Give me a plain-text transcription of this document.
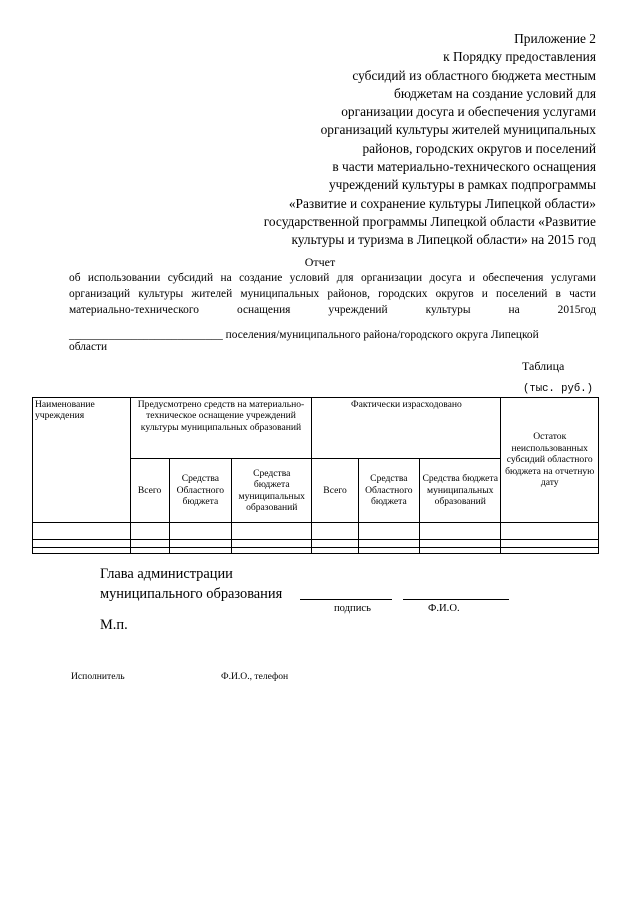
Приложение 2
к Порядку предоставления
субсидий из областного бюджета местным
бюджетам на создание условий для
организации досуга и обеспечения услугами
организаций культуры жителей муниципальных
районов, городских округов и поселений
в части материально-технического оснащения
учреждений культуры в рамках подпрограммы
«Развитие и сохранение культуры Липецкой области»
государственной программы Липецкой области «Развитие
культуры и туризма в Липецкой области» на 2015 год
Отчет
об использовании субсидий на создание условий для организации досуга и обеспечения услугами организаций культуры жителей муниципальных районов, городских округов и поселений в части материально-технического оснащения учреждений культуры на 2015год
___________________________ поселения/муниципального района/городского округа Липецкой
области
Таблица
(тыс. руб.)
Наименование учреждения	Предусмотрено средств на материально-техническое оснащение учреждений культуры муниципальных образований			Фактически израсходовано			Остаток неиспользованных субсидий областного бюджета на отчетную дату
	Всего	Средства Областного бюджета	Средства бюджета муниципальных образований	Всего	Средства Областного бюджета	Средства бюджета муниципальных образований	

Глава администрации
муниципального образования
подпись	Ф.И.О.
М.п.
Исполнитель	Ф.И.О., телефон
